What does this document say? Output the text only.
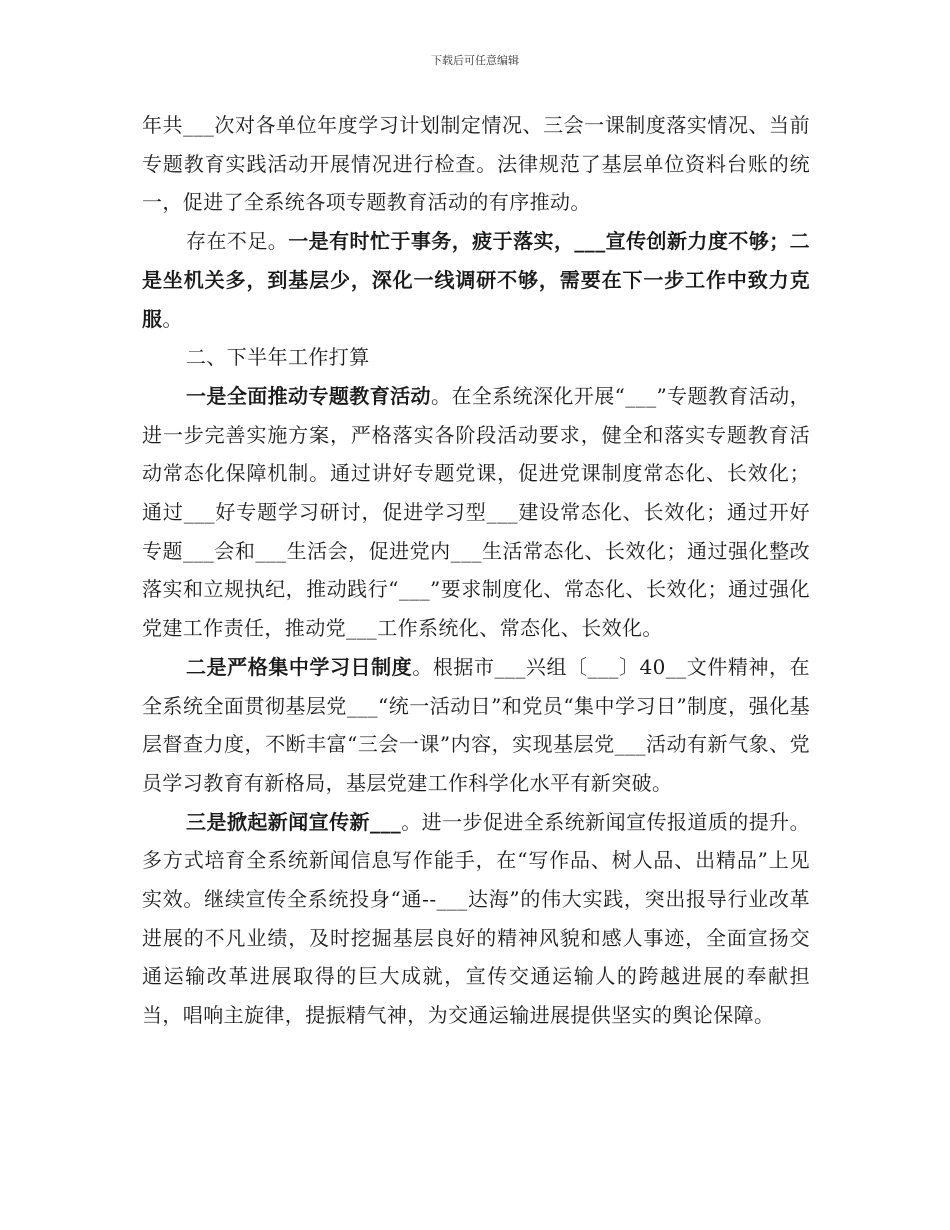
下载后可任意编辑

年共___次对各单位年度学习计划制定情况、三会一课制度落实情况、当前专题教育实践活动开展情况进行检查。法律规范了基层单位资料台账的统一，促进了全系统各项专题教育活动的有序推动。

存在不足。一是有时忙于事务，疲于落实，___宣传创新力度不够；二是坐机关多，到基层少，深化一线调研不够，需要在下一步工作中致力克服。

二、下半年工作打算

一是全面推动专题教育活动。在全系统深化开展“___”专题教育活动，进一步完善实施方案，严格落实各阶段活动要求，健全和落实专题教育活动常态化保障机制。通过讲好专题党课，促进党课制度常态化、长效化；通过___好专题学习研讨，促进学习型___建设常态化、长效化；通过开好专题___会和___生活会，促进党内___生活常态化、长效化；通过强化整改落实和立规执纪，推动践行“___”要求制度化、常态化、长效化；通过强化党建工作责任，推动党___工作系统化、常态化、长效化。

二是严格集中学习日制度。根据市___兴组〔___〕40__文件精神，在全系统全面贯彻基层党___“统一活动日”和党员“集中学习日”制度，强化基层督查力度，不断丰富“三会一课”内容，实现基层党___活动有新气象、党员学习教育有新格局，基层党建工作科学化水平有新突破。

三是掀起新闻宣传新___。进一步促进全系统新闻宣传报道质的提升。多方式培育全系统新闻信息写作能手，在“写作品、树人品、出精品”上见实效。继续宣传全系统投身“通--___达海”的伟大实践，突出报导行业改革进展的不凡业绩，及时挖掘基层良好的精神风貌和感人事迹，全面宣扬交通运输改革进展取得的巨大成就，宣传交通运输人的跨越进展的奉献担当，唱响主旋律，提振精气神，为交通运输进展提供坚实的舆论保障。
